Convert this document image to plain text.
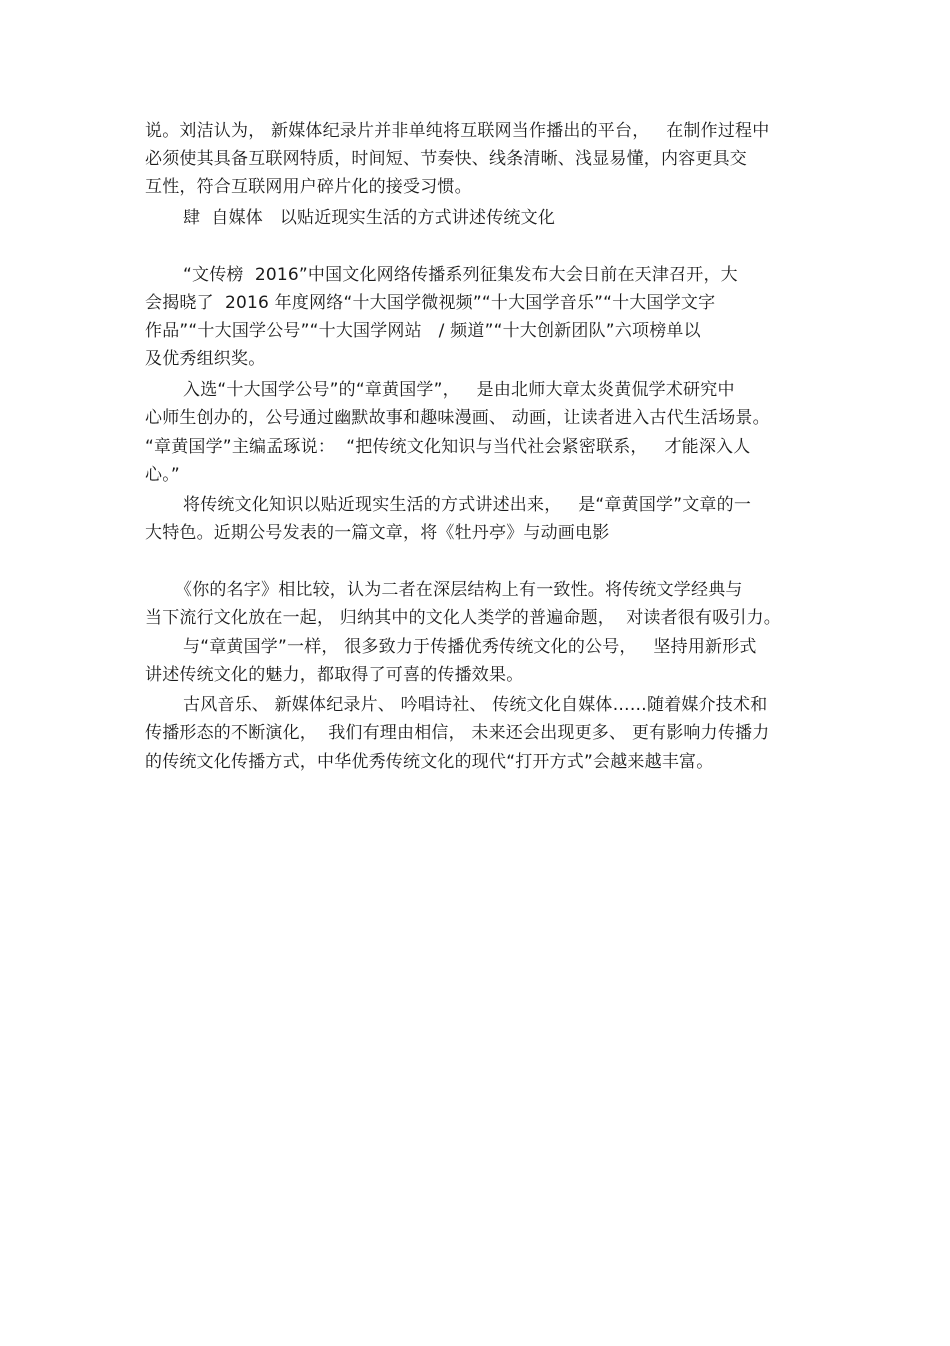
说。刘洁认为， 新媒体纪录片并非单纯将互联网当作播出的平台，   在制作过程中
必须使其具备互联网特质，时间短、节奏快、线条清晰、浅显易懂，内容更具交
互性，符合互联网用户碎片化的接受习惯。
肆  自媒体   以贴近现实生活的方式讲述传统文化
“文传榜  2016”中国文化网络传播系列征集发布大会日前在天津召开，大
会揭晓了  2016 年度网络“十大国学微视频”“十大国学音乐”“十大国学文字
作品”“十大国学公号”“十大国学网站   / 频道”“十大创新团队”六项榜单以
及优秀组织奖。
入选“十大国学公号”的“章黄国学”，   是由北师大章太炎黄侃学术研究中
心师生创办的，公号通过幽默故事和趣味漫画、 动画，让读者进入古代生活场景。
“章黄国学”主编孟琢说：  “把传统文化知识与当代社会紧密联系，   才能深入人
心。”
将传统文化知识以贴近现实生活的方式讲述出来，   是“章黄国学”文章的一
大特色。近期公号发表的一篇文章，将《牡丹亭》与动画电影
《你的名字》相比较，认为二者在深层结构上有一致性。将传统文学经典与
当下流行文化放在一起， 归纳其中的文化人类学的普遍命题，  对读者很有吸引力。
与“章黄国学”一样， 很多致力于传播优秀传统文化的公号，   坚持用新形式
讲述传统文化的魅力，都取得了可喜的传播效果。
古风音乐、 新媒体纪录片、 吟唱诗社、 传统文化自媒体……随着媒介技术和
传播形态的不断演化，  我们有理由相信， 未来还会出现更多、 更有影响力传播力
的传统文化传播方式，中华优秀传统文化的现代“打开方式”会越来越丰富。
